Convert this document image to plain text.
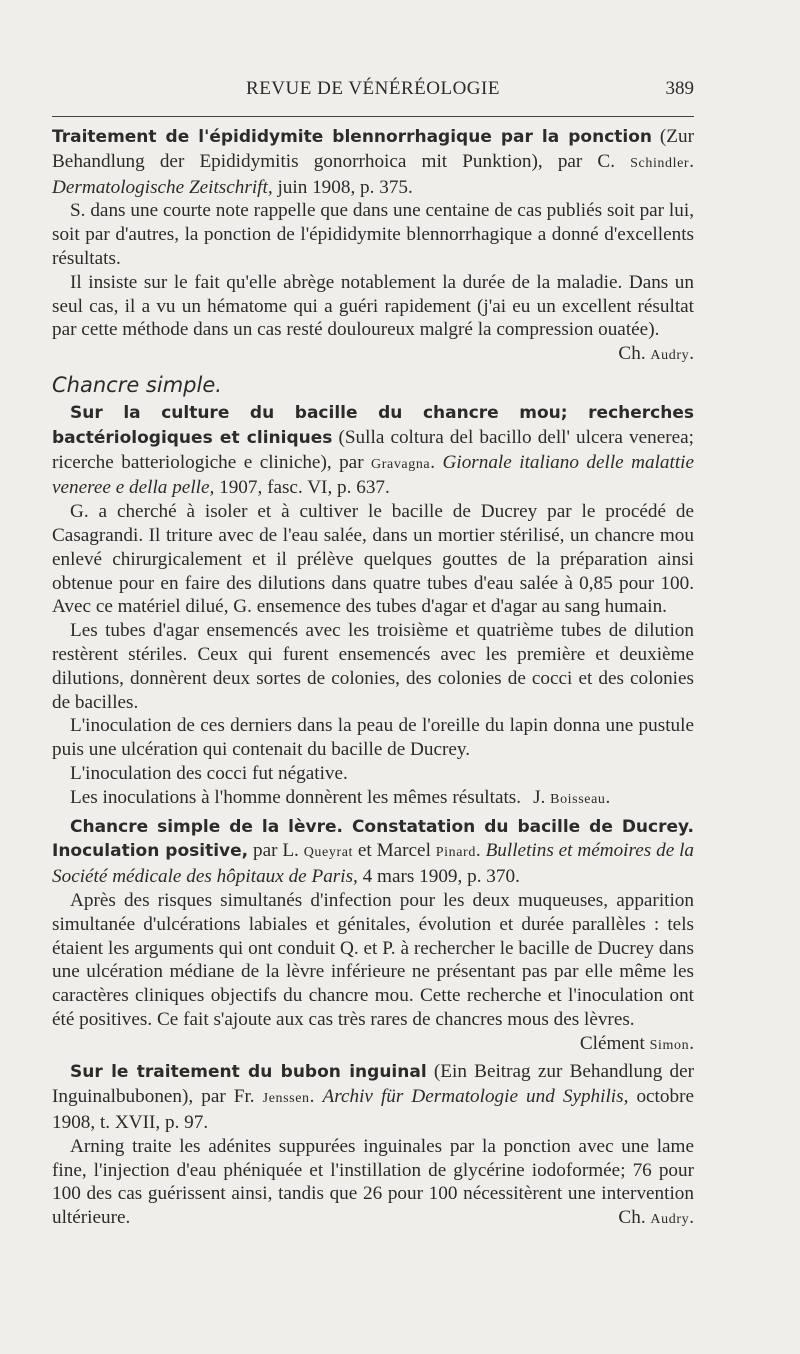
REVUE DE VÉNÉRÉOLOGIE	389

Traitement de l'épididymite blennorrhagique par la ponction (Zur Behandlung der Epididymitis gonorrhoica mit Punktion), par C. Schindler. Dermatologische Zeitschrift, juin 1908, p. 375.

S. dans une courte note rappelle que dans une centaine de cas publiés soit par lui, soit par d'autres, la ponction de l'épididymite blennorrhagique a donné d'excellents résultats.

Il insiste sur le fait qu'elle abrège notablement la durée de la maladie. Dans un seul cas, il a vu un hématome qui a guéri rapidement (j'ai eu un excellent résultat par cette méthode dans un cas resté douloureux malgré la compression ouatée).
Ch. Audry.

Chancre simple.

Sur la culture du bacille du chancre mou; recherches bactériologiques et cliniques (Sulla coltura del bacillo dell' ulcera venerea; ricerche batteriologiche e cliniche), par Gravagna. Giornale italiano delle malattie veneree e della pelle, 1907, fasc. VI, p. 637.

G. a cherché à isoler et à cultiver le bacille de Ducrey par le procédé de Casagrandi. Il triture avec de l'eau salée, dans un mortier stérilisé, un chancre mou enlevé chirurgicalement et il prélève quelques gouttes de la préparation ainsi obtenue pour en faire des dilutions dans quatre tubes d'eau salée à 0,85 pour 100. Avec ce matériel dilué, G. ensemence des tubes d'agar et d'agar au sang humain.

Les tubes d'agar ensemencés avec les troisième et quatrième tubes de dilution restèrent stériles. Ceux qui furent ensemencés avec les première et deuxième dilutions, donnèrent deux sortes de colonies, des colonies de cocci et des colonies de bacilles.

L'inoculation de ces derniers dans la peau de l'oreille du lapin donna une pustule puis une ulcération qui contenait du bacille de Ducrey.

L'inoculation des cocci fut négative.

Les inoculations à l'homme donnèrent les mêmes résultats. J. Boisseau.

Chancre simple de la lèvre. Constatation du bacille de Ducrey. Inoculation positive, par L. Queyrat et Marcel Pinard. Bulletins et mémoires de la Société médicale des hôpitaux de Paris, 4 mars 1909, p. 370.

Après des risques simultanés d'infection pour les deux muqueuses, apparition simultanée d'ulcérations labiales et génitales, évolution et durée parallèles : tels étaient les arguments qui ont conduit Q. et P. à rechercher le bacille de Ducrey dans une ulcération médiane de la lèvre inférieure ne présentant pas par elle même les caractères cliniques objectifs du chancre mou. Cette recherche et l'inoculation ont été positives. Ce fait s'ajoute aux cas très rares de chancres mous des lèvres.
Clément Simon.

Sur le traitement du bubon inguinal (Ein Beitrag zur Behandlung der Inguinalbubonen), par Fr. Jenssen. Archiv für Dermatologie und Syphilis, octobre 1908, t. XVII, p. 97.

Arning traite les adénites suppurées inguinales par la ponction avec une lame fine, l'injection d'eau phéniquée et l'instillation de glycérine iodoformée; 76 pour 100 des cas guérissent ainsi, tandis que 26 pour 100 nécessitèrent une intervention ultérieure.	Ch. Audry.
